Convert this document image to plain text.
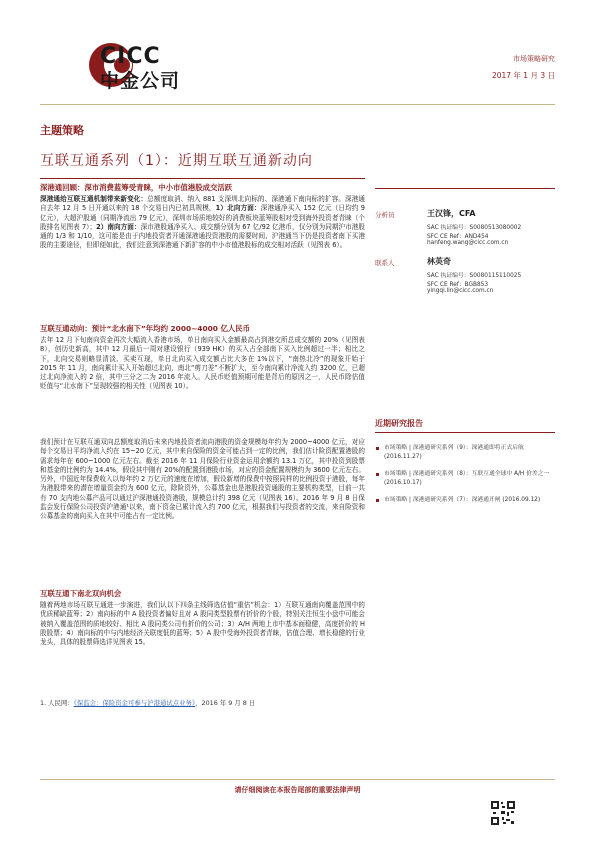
CICC
中金公司
市场策略研究
2017 年 1 月 3 日
主题策略
互联互通系列（1）：近期互联互通新动向
深港通回顾：深市消费蓝筹受青睐，中小市值港股成交活跃
深港通给互联互通机制带来新变化：总额度取消、纳入 881 支深圳北向标的、深港通下南向标的扩容。深港通自去年 12 月 5 日开通以来的 18 个交易日内已初具规模，1）北向方面：深港通净买入 152 亿元（日均约 9 亿元），大超沪股通（同期净流出 79 亿元），深圳市场质地较好的消费板块蓝筹股相对受到海外投资者青睐（个股排名见图表 7）；2）南向方面：深市港股通净买入、成交额分别为 67 亿/92 亿港币，仅分别为同期沪市港股通的 1/3 和 1/10，这可能是由于内地投资者开通深港通投资港股的需要时间、沪港通当下仍是投资者南下买港股的主要途径，但即便如此，我们注意到深港通下新扩容的中小市值港股标的成交相对活跃（见图表 6）。
互联互通动向：预计“北水南下”年均约 2000~4000 亿人民币
去年 12 月下旬南向资金再次大幅流入香港市场，单日南向买入金额最高占到港交所总成交额的 20%（见图表 8），创历史新高，其中 12 月最后一周对建设银行（939 HK）的买入占全部南下买入比例超过一半；相比之下，北向交易则略显清淡、买卖互现，单日北向买入成交额占比大多在 1%以下，“南热北冷”的现象开始于 2015 年 11 月，南向累计买入开始超过北向，南北“剪刀差”不断扩大，至今南向累计净流入约 3200 亿，已超过北向净流入的 2 倍，其中三分之二为 2016 年流入。人民币贬值预期可能是背后的原因之一，人民币除估值贬值与“北水南下”呈现较强的相关性（见图表 10）。
我们预计在互联互通双向总额度取消后未来内地投资者流向港股的资金规模每年约为 2000~4000 亿元，对应每个交易日平均净流入约在 15~20 亿元，其中来自保险的资金可能占到一定的比例，我们估计险资配置港股的需求每年在 600~1000 亿元左右。截至 2016 年 11 月保险行业资金运用余额约 13.1 万亿，其中投资到股票和基金的比例约为 14.4%，假设其中刚有 20%的配置到港股市场，对应的资金配置规模约为 3600 亿元左右。另外，中国近年保费收入以每年约 2 万亿元的速度在增加，假设新增的保费中按照同样的比例投资于港股，每年为港股带来的潜在增量资金约为 600 亿元，除险资外，公募基金也是港股投资通股的主要机构类型，目前一共有 70 支内地公募产品可以通过沪深港通投资港股，规模总计约 398 亿元（见图表 16）。2016 年 9 月 8 日保监会发行保险公司投资沪港通¹以来，南下资金已累计流入约 700 亿元，根据我们与投资者的交流，来自险资和公募基金的南向买入在其中可能占有一定比例。
互联互通下南北双向机会
随着两地市场互联互通进一步演进，我们认以下四条主线筛选估值“重估”机会：1）互联互通南向覆盖范围中的优质稀缺蓝筹；2）南向标的中 A 股投资者偏好且对 A 股同类型股票有折价的个股，特别关注恒生小盘中可能会被纳入覆盖范围的质地较好、相比 A 股同类公司有折价的公司；3）A/H 两地上市中基本面稳健，高度折价的 H 股股票；4）南向标的中与内地经济关联度低的蓝筹；5）A 股中受海外投资者青睐，估值合理、增长稳健的行业龙头，具体的股票筛选详见图表 15。
1. 人民网：《保监会：保险资金可参与沪港通试点业务》，2016 年 9 月 8 日
分析员	王汉锋，CFA
SAC 执证编号：S0080513080002
SFC CE Ref：AND454
hanfeng.wang@cicc.com.cn
联系人	林英奇
SAC 执证编号：S0080115110025
SFC CE Ref：BGB853
yingqi.lin@cicc.com.cn
近期研究报告
市场策略 | 深港通研究系列（9）：深港通即将正式启航 (2016.11.27)
市场策略 | 深港通研究系列（8）：互联互通全球中 A/H 价差之一 (2016.10.17)
市场策略 | 深港通研究系列（7）：深港通开闸 (2016.09.12)
请仔细阅读在本报告尾部的重要法律声明
